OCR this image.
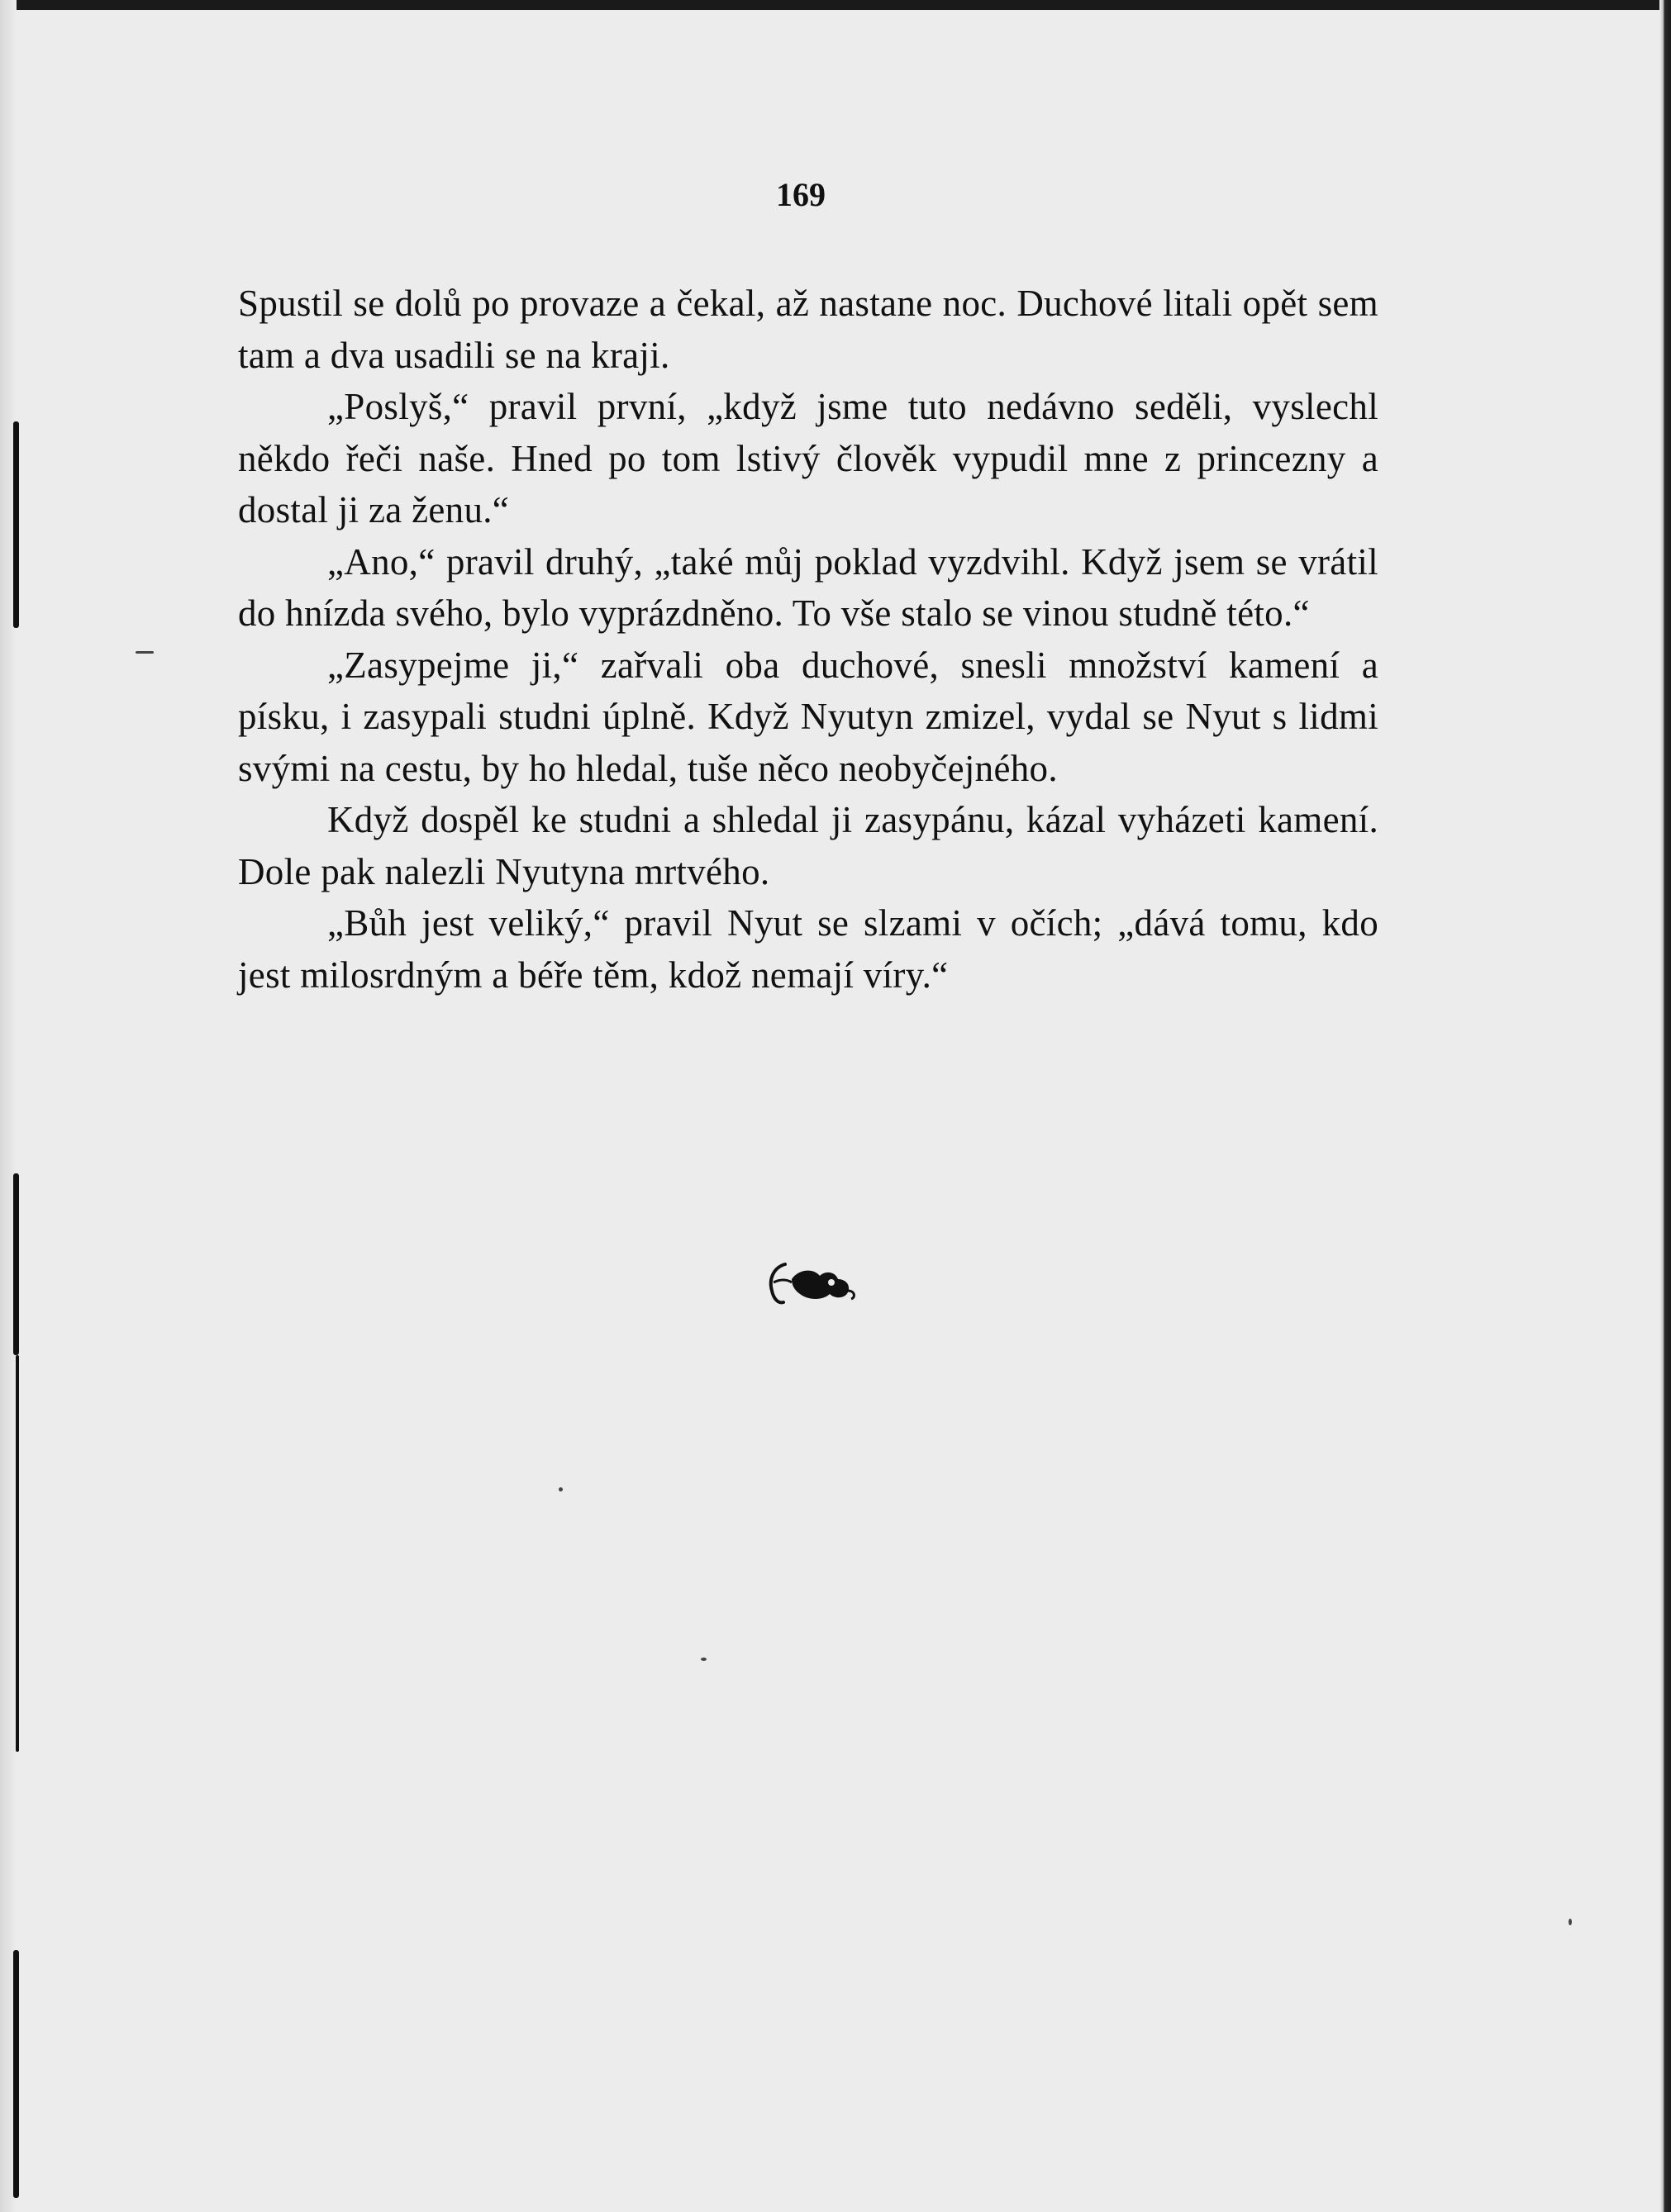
169

Spustil se dolů po provaze a čekal, až nastane noc. Duchové litali opět sem tam a dva usadili se na kraji.

„Poslyš,“ pravil první, „když jsme tuto nedávno seděli, vyslechl někdo řeči naše. Hned po tom lstivý člověk vypudil mne z princezny a dostal ji za ženu.“

„Ano,“ pravil druhý, „také můj poklad vyzdvihl. Když jsem se vrátil do hnízda svého, bylo vyprázdněno. To vše stalo se vinou studně této.“

„Zasypejme ji,“ zařvali oba duchové, snesli množství kamení a písku, i zasypali studni úplně. Když Nyutyn zmizel, vydal se Nyut s lidmi svými na cestu, by ho hledal, tuše něco neobyčejného.

Když dospěl ke studni a shledal ji zasypánu, kázal vyházeti kamení. Dole pak nalezli Nyutyna mrtvého.

„Bůh jest veliký,“ pravil Nyut se slzami v očích; „dává tomu, kdo jest milosrdným a béře těm, kdož nemají víry.“
